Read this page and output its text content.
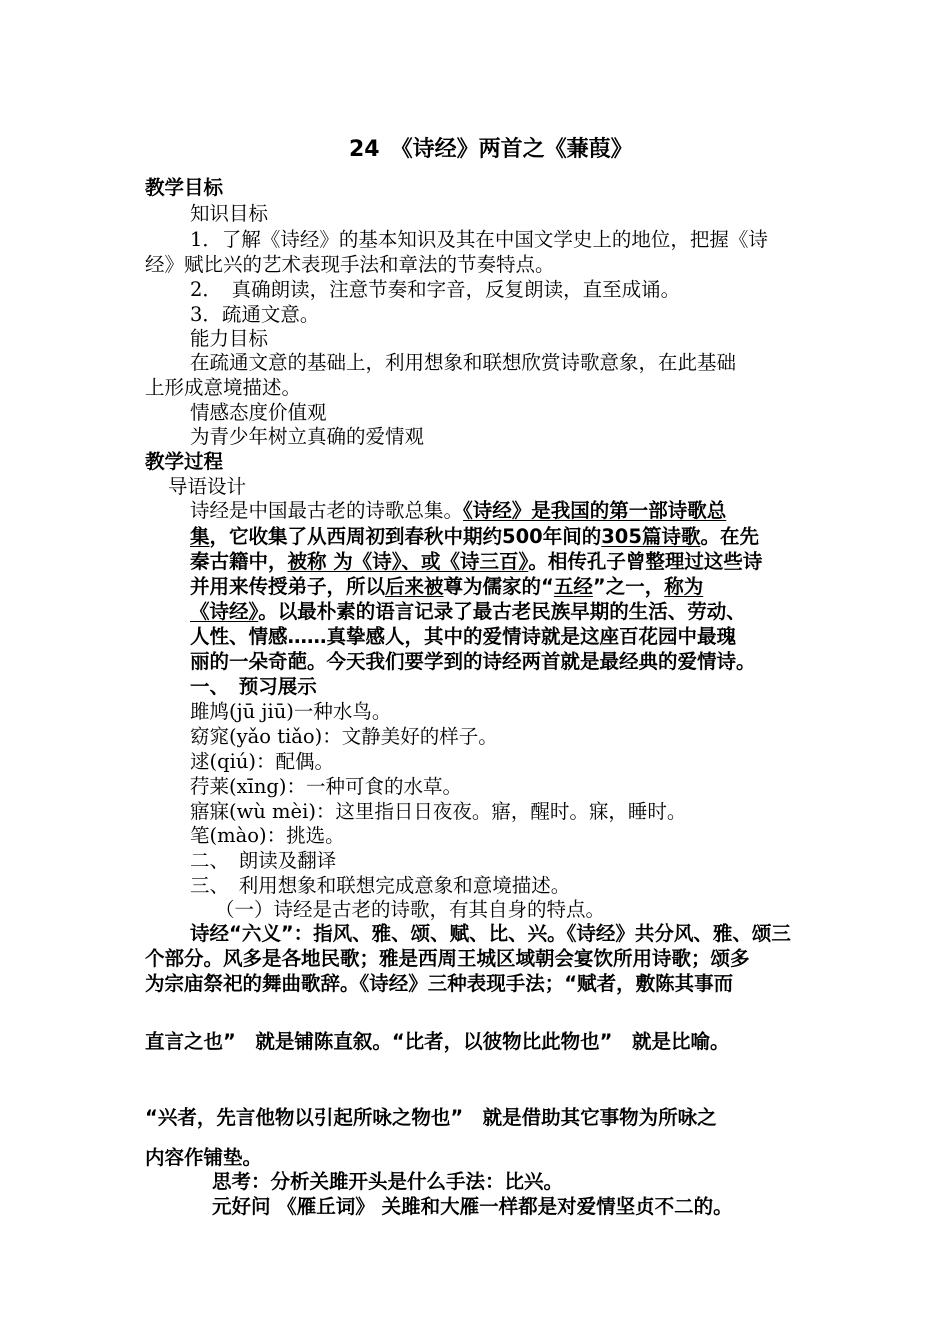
24　《诗经》两首之《蒹葭》
教学目标
知识目标
1．了解《诗经》的基本知识及其在中国文学史上的地位，把握《诗
经》赋比兴的艺术表现手法和章法的节奏特点。
2．　真确朗读，注意节奏和字音，反复朗读，直至成诵。
3．疏通文意。
能力目标
在疏通文意的基础上，利用想象和联想欣赏诗歌意象，在此基础
上形成意境描述。
情感态度价值观
为青少年树立真确的爱情观
教学过程
导语设计
诗经是中国最古老的诗歌总集。《诗经》是我国的第一部诗歌总
集，它收集了从西周初到春秋中期约500年间的305篇诗歌。在先
秦古籍中，被称 为《诗》、或《诗三百》。相传孔子曾整理过这些诗
并用来传授弟子，所以后来被尊为儒家的“五经”之一，称为
《诗经》。以最朴素的语言记录了最古老民族早期的生活、劳动、
人性、情感……真挚感人，其中的爱情诗就是这座百花园中最瑰
丽的一朵奇葩。今天我们要学到的诗经两首就是最经典的爱情诗。
一、　预习展示
雎鸠(jū jiū)一种水鸟。
窈窕(yǎo tiǎo)：文静美好的样子。
逑(qiú)：配偶。
荇莱(xīng)：一种可食的水草。
寤寐(wù mèi)：这里指日日夜夜。寤，醒时。寐，睡时。
笔(mào)：挑选。
二、　朗读及翻译
三、　利用想象和联想完成意象和意境描述。
（一）诗经是古老的诗歌，有其自身的特点。
诗经“六义”：指风、雅、颂、赋、比、兴。《诗经》共分风、雅、颂三
个部分。风多是各地民歌；雅是西周王城区域朝会宴饮所用诗歌；颂多
为宗庙祭祀的舞曲歌辞。《诗经》三种表现手法；“赋者，敷陈其事而
直言之也”　就是铺陈直叙。“比者，以彼物比此物也”　就是比喻。
“兴者，先言他物以引起所咏之物也”　就是借助其它事物为所咏之
内容作铺垫。
思考：分析关雎开头是什么手法：比兴。
元好问 《雁丘词》 关雎和大雁一样都是对爱情坚贞不二的。
